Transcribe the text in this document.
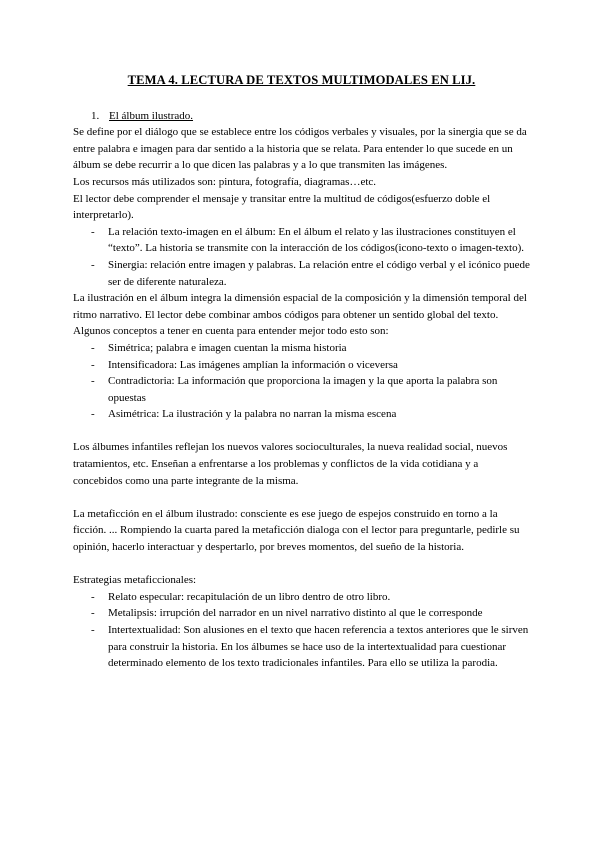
TEMA 4. LECTURA DE TEXTOS MULTIMODALES EN LIJ.
1. El álbum ilustrado.

Se define por el diálogo que se establece entre los códigos verbales y visuales, por la sinergia que se da entre palabra e imagen para dar sentido a la historia que se relata. Para entender lo que sucede en un álbum se debe recurrir a lo que dicen las palabras y a lo que transmiten las imágenes.

Los recursos más utilizados son: pintura, fotografía, diagramas…etc.

El lector debe comprender el mensaje y transitar entre la multitud de códigos(esfuerzo doble el interpretarlo).

- La relación texto-imagen en el álbum: En el álbum el relato y las ilustraciones constituyen el “texto”. La historia se transmite con la interacción de los códigos(icono-texto o imagen-texto).
- Sinergia: relación entre imagen y palabras. La relación entre el código verbal y el icónico puede ser de diferente naturaleza.

La ilustración en el álbum integra la dimensión espacial de la composición y la dimensión temporal del ritmo narrativo. El lector debe combinar ambos códigos para obtener un sentido global del texto.

Algunos conceptos a tener en cuenta para entender mejor todo esto son:

- Simétrica; palabra e imagen cuentan la misma historia
- Intensificadora: Las imágenes amplían la información o viceversa
- Contradictoria: La información que proporciona la imagen y la que aporta la palabra son opuestas
- Asimétrica: La ilustración y la palabra no narran la misma escena

Los álbumes infantiles reflejan los nuevos valores socioculturales, la nueva realidad social, nuevos tratamientos, etc. Enseñan a enfrentarse a los problemas y conflictos de la vida cotidiana y a concebidos como una parte integrante de la misma.

La metaficción en el álbum ilustrado: consciente es ese juego de espejos construido en torno a la ficción. ... Rompiendo la cuarta pared la metaficción dialoga con el lector para preguntarle, pedirle su opinión, hacerlo interactuar y despertarlo, por breves momentos, del sueño de la historia.

Estrategias metaficcionales:

- Relato especular: recapitulación de un libro dentro de otro libro.
- Metalipsis: irrupción del narrador en un nivel narrativo distinto al que le corresponde
- Intertextualidad: Son alusiones en el texto que hacen referencia a textos anteriores que le sirven para construir la historia. En los álbumes se hace uso de la intertextualidad para cuestionar determinado elemento de los texto tradicionales infantiles. Para ello se utiliza la parodia.
